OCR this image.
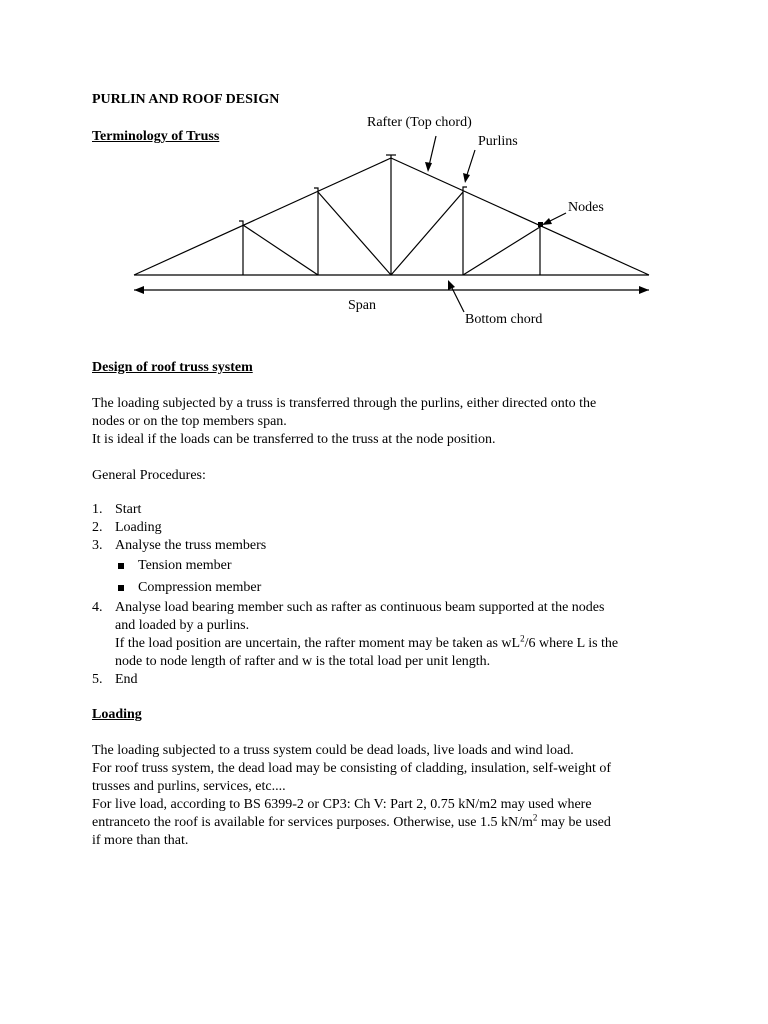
PURLIN AND ROOF DESIGN
Terminology of Truss
Rafter (Top chord)
Purlins
Nodes
Span
Bottom chord
Design of roof truss system

The loading subjected by a truss is transferred through the purlins, either directed onto the

nodes or on the top members span.

It is ideal if the loads can be transferred to the truss at the node position.

General Procedures:
1. Start
2. Loading
3. Analyse the truss members
Tension member
Compression member
4. Analyse load bearing member such as rafter as continuous beam supported at the nodes
and loaded by a purlins.
If the load position are uncertain, the rafter moment may be taken as $wL^2/6$ where L is the
node to node length of rafter and w is the total load per unit length.
5. End
Loading

The loading subjected to a truss system could be dead loads, live loads and wind load.

For roof truss system, the dead load may be consisting of cladding, insulation, self-weight of

trusses and purlins, services, etc....

For live load, according to BS 6399-2 or CP3: Ch V: Part 2, 0.75 kN/m2 may used where

entranceto the roof is available for services purposes. Otherwise, use 1.5 $kN/m^2$ may be used

if more than that.
